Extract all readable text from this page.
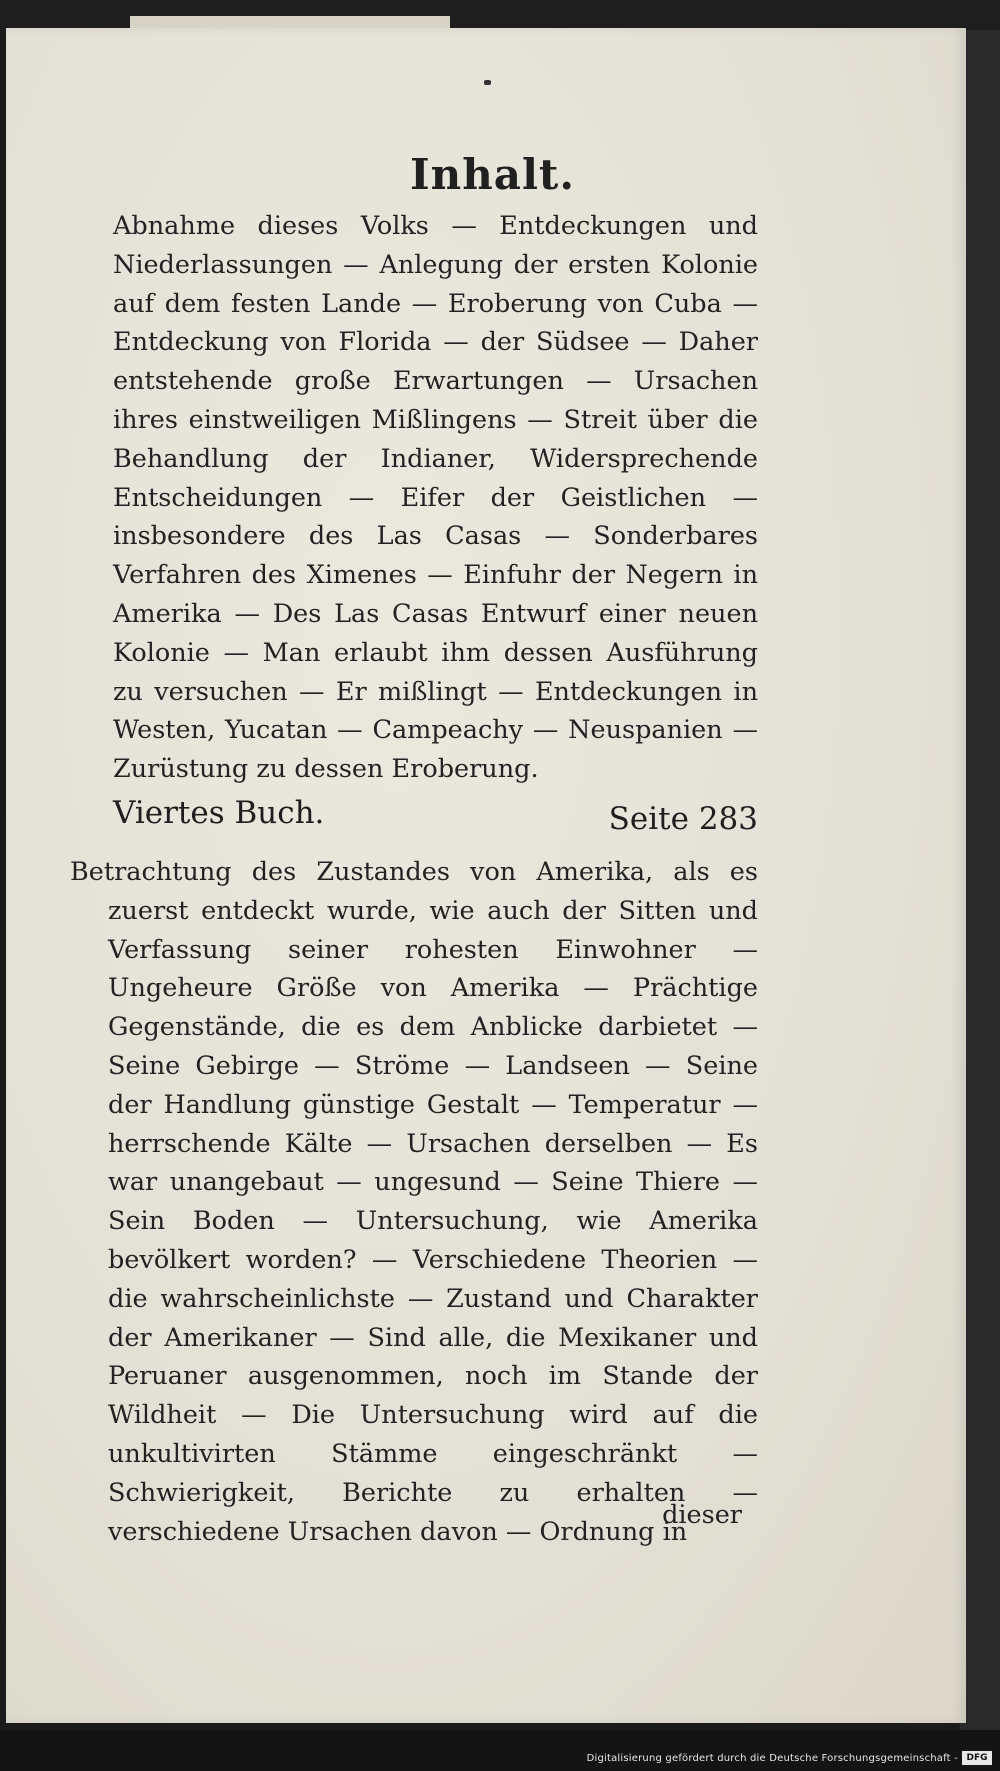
Inhalt.
Abnahme dieses Volks — Entdeckungen und Niederlassungen — Anlegung der ersten Kolonie auf dem festen Lande — Eroberung von Cuba — Entdeckung von Florida — der Südsee — Daher entstehende große Erwartungen — Ursachen ihres einstweiligen Mißlingens — Streit über die Behandlung der Indianer, Widersprechende Entscheidungen — Eifer der Geistlichen — insbesondere des Las Casas — Sonderbares Verfahren des Ximenes — Einfuhr der Negern in Amerika — Des Las Casas Entwurf einer neuen Kolonie — Man erlaubt ihm dessen Ausführung zu versuchen — Er mißlingt — Entdeckungen in Westen, Yucatan — Campeachy — Neuspanien — Zurüstung zu dessen Eroberung.
Viertes Buch.	Seite 283
Betrachtung des Zustandes von Amerika, als es zuerst entdeckt wurde, wie auch der Sitten und Verfassung seiner rohesten Einwohner — Ungeheure Größe von Amerika — Prächtige Gegenstände, die es dem Anblicke darbietet — Seine Gebirge — Ströme — Landseen — Seine der Handlung günstige Gestalt — Temperatur — herrschende Kälte — Ursachen derselben — Es war unangebaut — ungesund — Seine Thiere — Sein Boden — Untersuchung, wie Amerika bevölkert worden? — Verschiedene Theorien — die wahrscheinlichste — Zustand und Charakter der Amerikaner — Sind alle, die Mexikaner und Peruaner ausgenommen, noch im Stande der Wildheit — Die Untersuchung wird auf die unkultivirten Stämme eingeschränkt — Schwierigkeit, Berichte zu erhalten — verschiedene Ursachen davon — Ordnung in
dieser
Digitalisierung gefördert durch die Deutsche Forschungsgemeinschaft - DFG
